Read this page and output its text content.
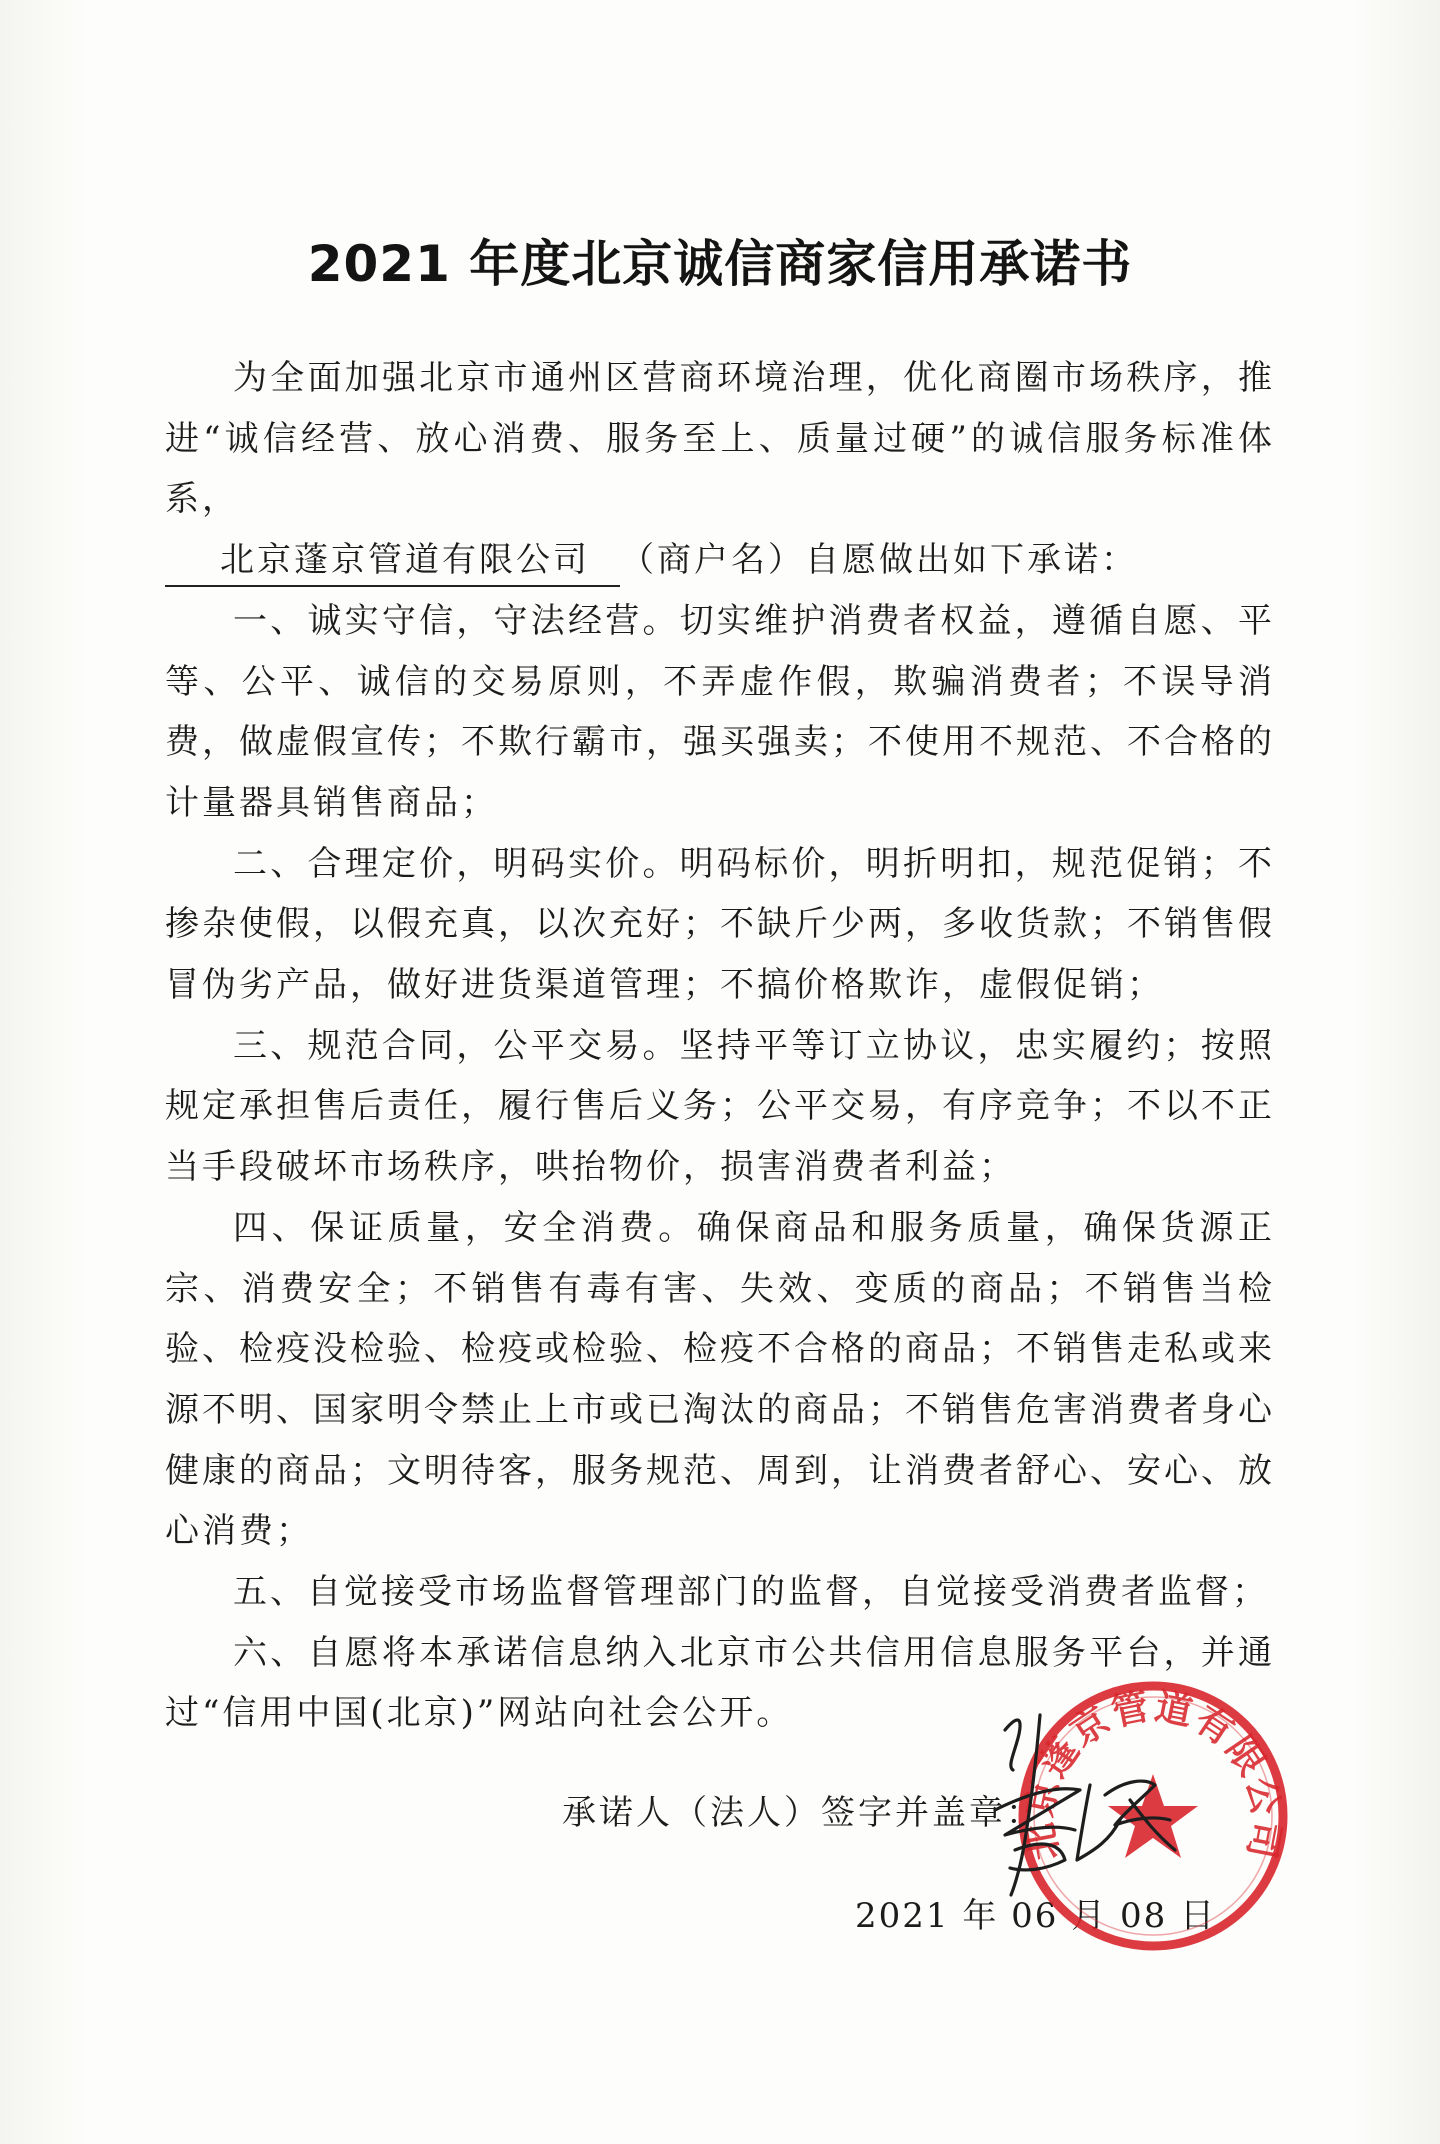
2021 年度北京诚信商家信用承诺书

为全面加强北京市通州区营商环境治理，优化商圈市场秩序，推进“诚信经营、放心消费、服务至上、质量过硬”的诚信服务标准体系，

北京蓬京管道有限公司 （商户名）自愿做出如下承诺：

一、诚实守信，守法经营。切实维护消费者权益，遵循自愿、平等、公平、诚信的交易原则，不弄虚作假，欺骗消费者；不误导消费，做虚假宣传；不欺行霸市，强买强卖；不使用不规范、不合格的计量器具销售商品；

二、合理定价，明码实价。明码标价，明折明扣，规范促销；不掺杂使假，以假充真，以次充好；不缺斤少两，多收货款；不销售假冒伪劣产品，做好进货渠道管理；不搞价格欺诈，虚假促销；

三、规范合同，公平交易。坚持平等订立协议，忠实履约；按照规定承担售后责任，履行售后义务；公平交易，有序竞争；不以不正当手段破坏市场秩序，哄抬物价，损害消费者利益；

四、保证质量，安全消费。确保商品和服务质量，确保货源正宗、消费安全；不销售有毒有害、失效、变质的商品；不销售当检验、检疫没检验、检疫或检验、检疫不合格的商品；不销售走私或来源不明、国家明令禁止上市或已淘汰的商品；不销售危害消费者身心健康的商品；文明待客，服务规范、周到，让消费者舒心、安心、放心消费；

五、自觉接受市场监督管理部门的监督，自觉接受消费者监督；

六、自愿将本承诺信息纳入北京市公共信用信息服务平台，并通过“信用中国(北京)”网站向社会公开。

承诺人（法人）签字并盖章：
2021 年 06 月 08 日
北京蓬京管道有限公司
